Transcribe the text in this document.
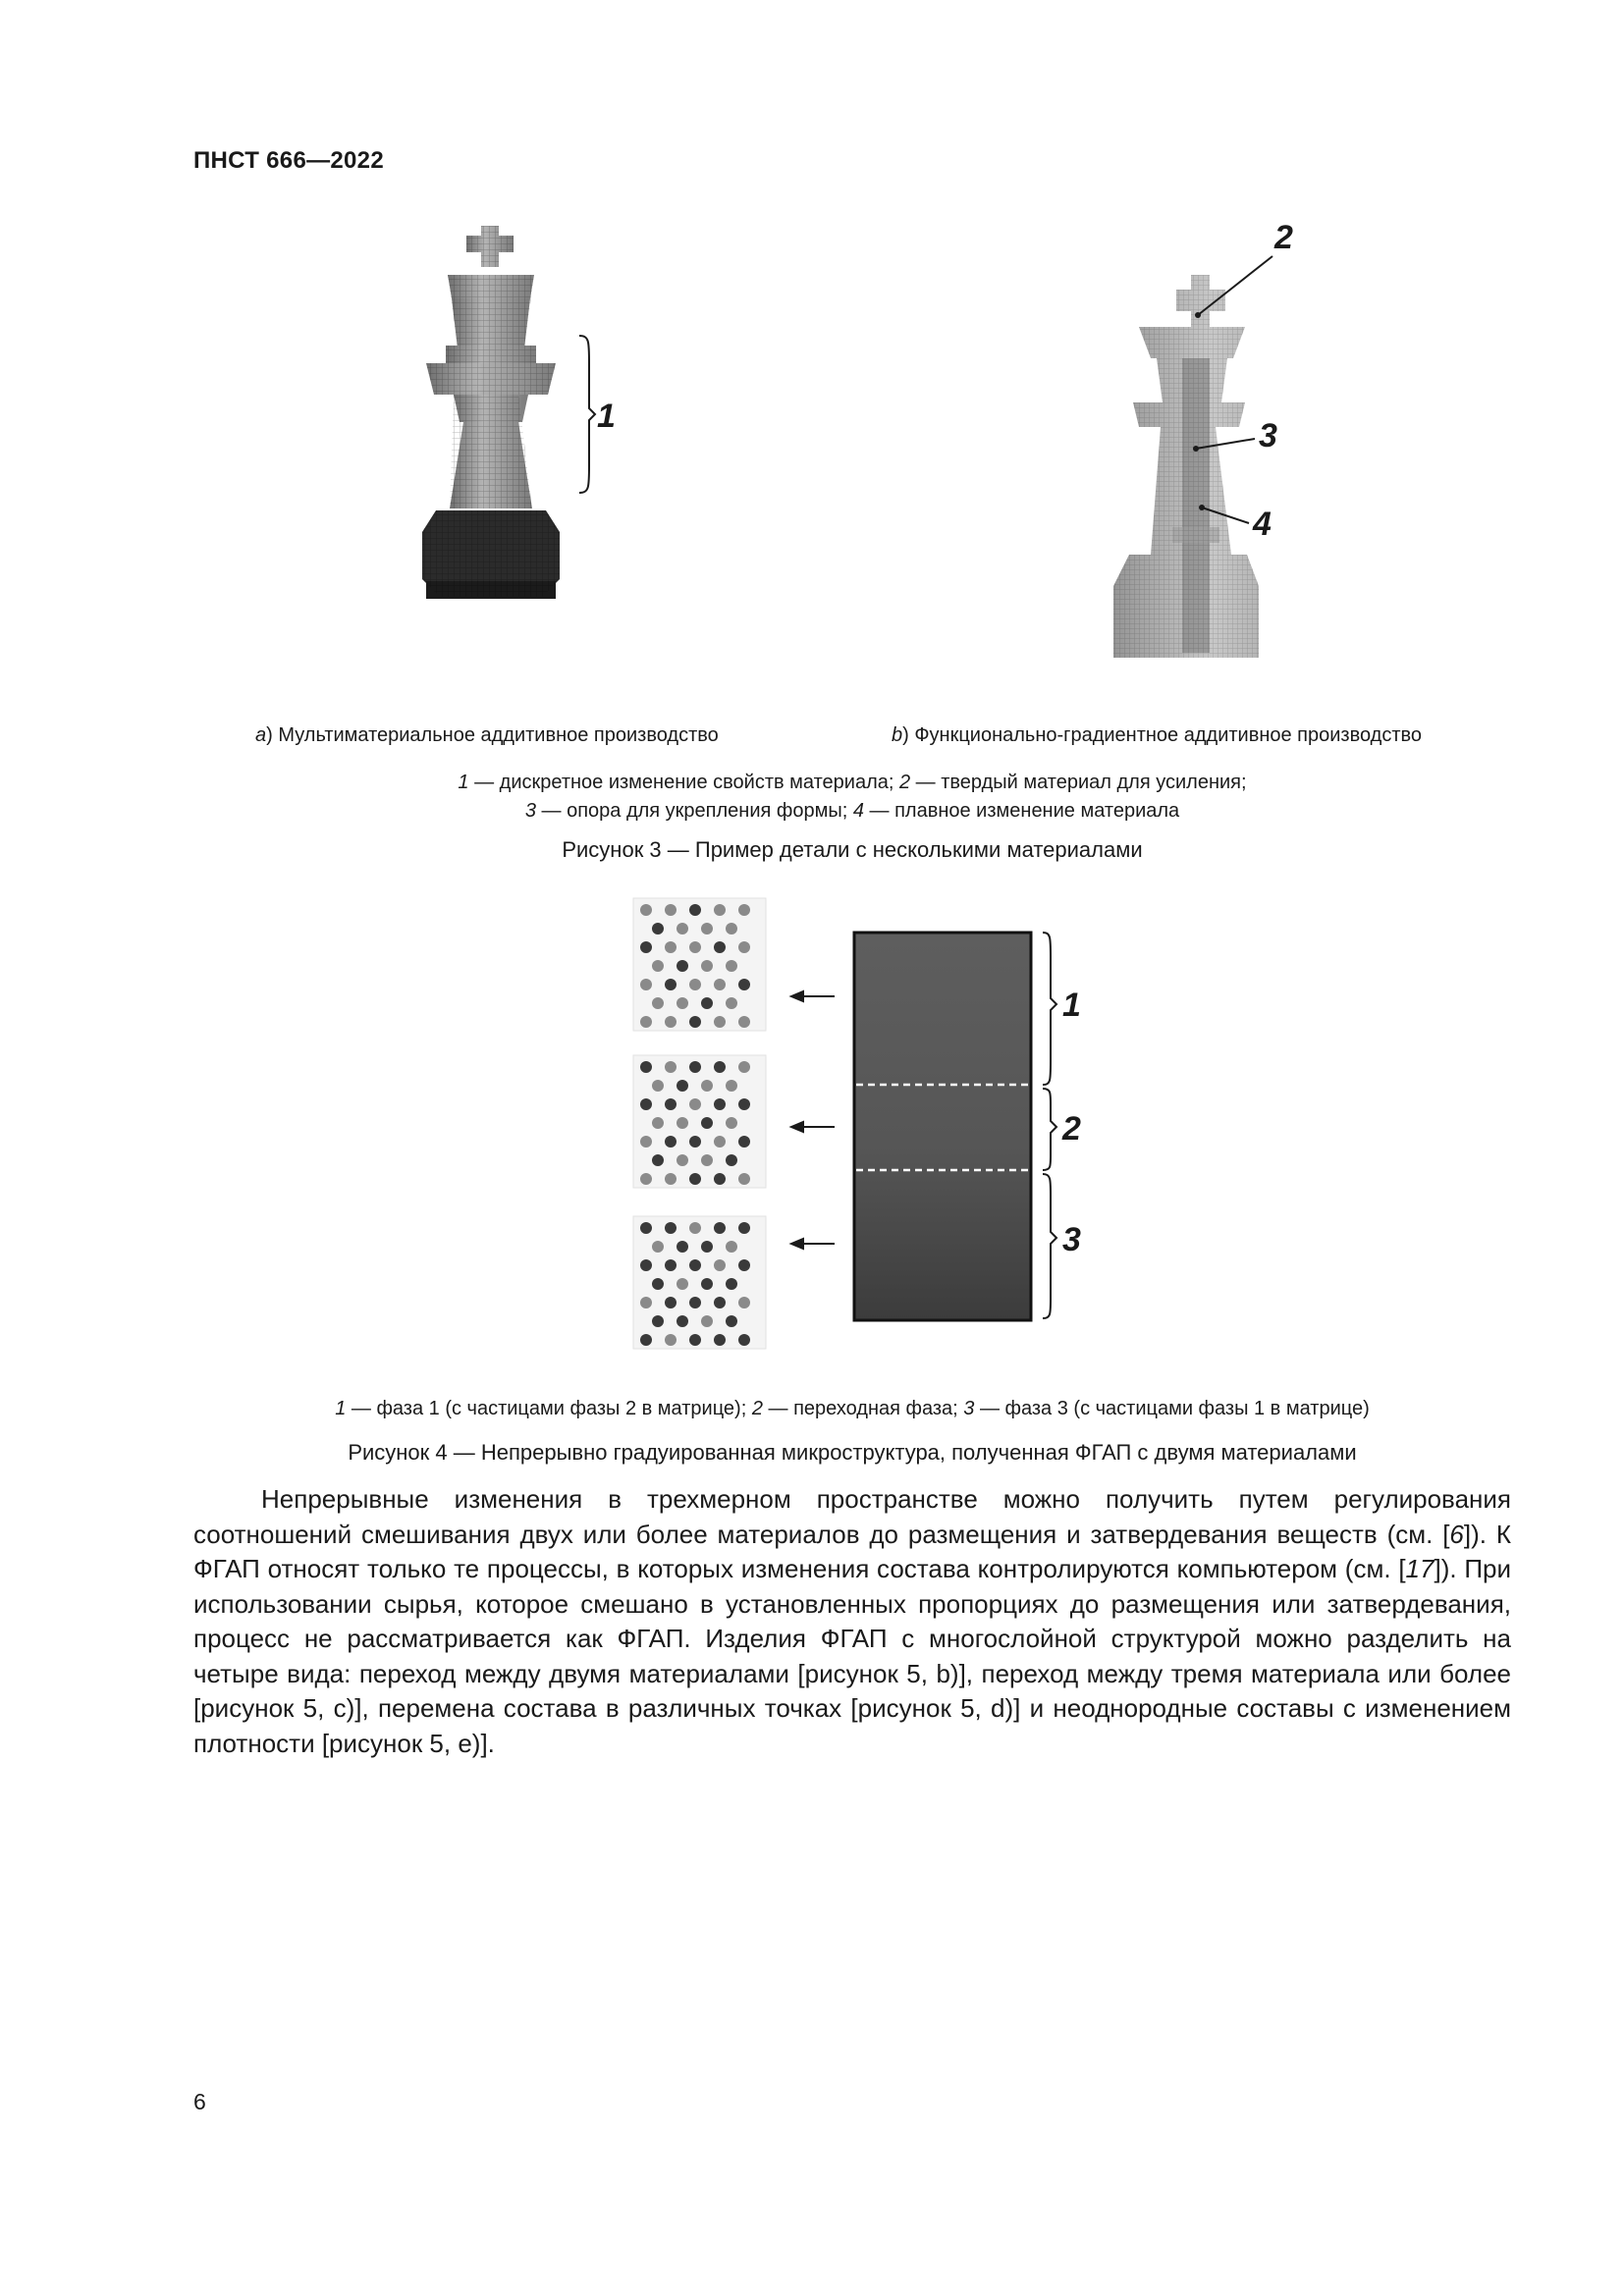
ПНСТ 666—2022
1
2
3
4
a) Мультиматериальное аддитивное производство	b) Функционально-градиентное аддитивное производство
1 — дискретное изменение свойств материала; 2 — твердый материал для усиления;
3 — опора для укрепления формы; 4 — плавное изменение материала
Рисунок 3 — Пример детали с несколькими материалами
1
2
3
1 — фаза 1 (с частицами фазы 2 в матрице); 2 — переходная фаза; 3 — фаза 3 (с частицами фазы 1 в матрице)
Рисунок 4 — Непрерывно градуированная микроструктура, полученная ФГАП с двумя материалами
Непрерывные изменения в трехмерном пространстве можно получить путем регулирования соотношений смешивания двух или более материалов до размещения и затвердевания веществ (см. [6]). К ФГАП относят только те процессы, в которых изменения состава контролируются компьютером (см. [17]). При использовании сырья, которое смешано в установленных пропорциях до размещения или затвердевания, процесс не рассматривается как ФГАП. Изделия ФГАП с многослойной структурой можно разделить на четыре вида: переход между двумя материалами [рисунок 5, b)], переход между тремя материала или более [рисунок 5, c)], перемена состава в различных точках [рисунок 5, d)] и неоднородные составы с изменением плотности [рисунок 5, e)].
6
